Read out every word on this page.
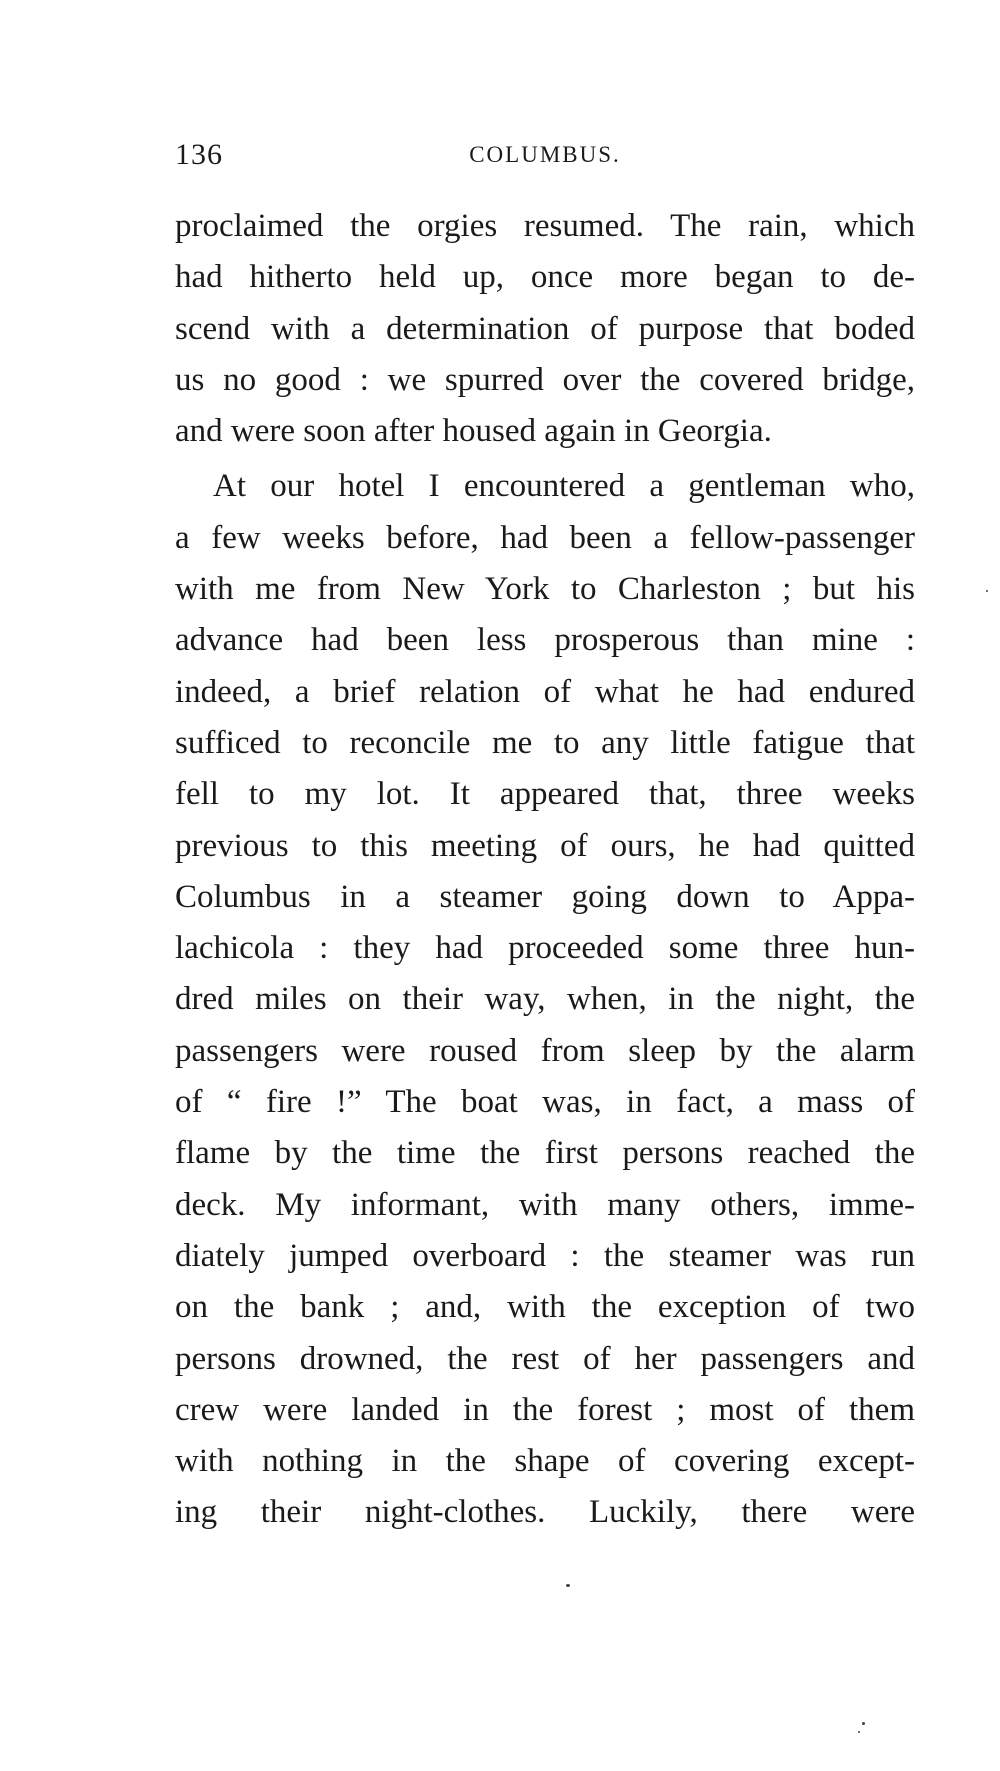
136	COLUMBUS.
proclaimed the orgies resumed. The rain, which
had hitherto held up, once more began to de-
scend with a determination of purpose that boded
us no good : we spurred over the covered bridge,
and were soon after housed again in Georgia.
At our hotel I encountered a gentleman who,
a few weeks before, had been a fellow-passenger
with me from New York to Charleston ; but his
advance had been less prosperous than mine :
indeed, a brief relation of what he had endured
sufficed to reconcile me to any little fatigue that
fell to my lot. It appeared that, three weeks
previous to this meeting of ours, he had quitted
Columbus in a steamer going down to Appa-
lachicola : they had proceeded some three hun-
dred miles on their way, when, in the night, the
passengers were roused from sleep by the alarm
of “ fire !” The boat was, in fact, a mass of
flame by the time the first persons reached the
deck. My informant, with many others, imme-
diately jumped overboard : the steamer was run
on the bank ; and, with the exception of two
persons drowned, the rest of her passengers and
crew were landed in the forest ; most of them
with nothing in the shape of covering except-
ing their night-clothes. Luckily, there were
